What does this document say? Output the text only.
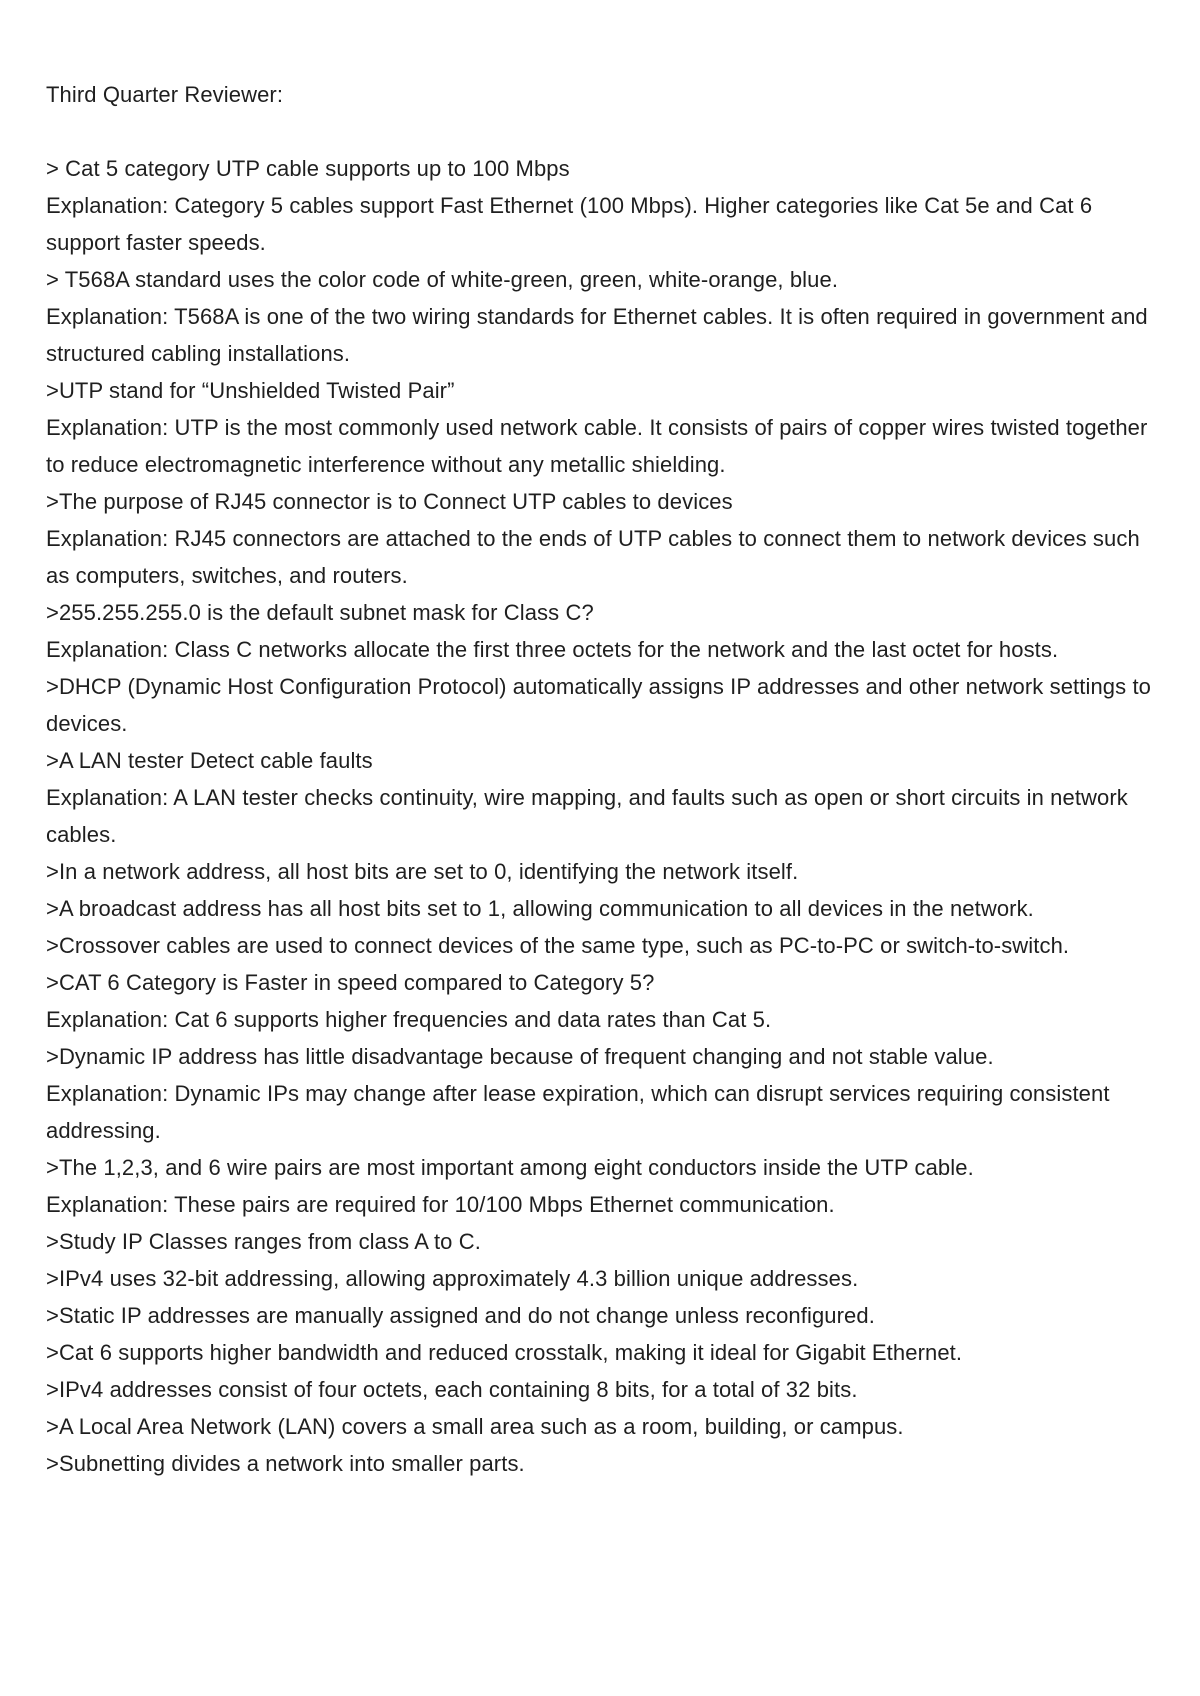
Third Quarter Reviewer:

> Cat 5 category UTP cable supports up to 100 Mbps

Explanation: Category 5 cables support Fast Ethernet (100 Mbps). Higher categories like Cat 5e and Cat 6 support faster speeds.

> T568A standard uses the color code of white-green, green, white-orange, blue.

Explanation: T568A is one of the two wiring standards for Ethernet cables. It is often required in government and structured cabling installations.

>UTP stand for “Unshielded Twisted Pair”

Explanation: UTP is the most commonly used network cable. It consists of pairs of copper wires twisted together to reduce electromagnetic interference without any metallic shielding.

>The purpose of RJ45 connector is to Connect UTP cables to devices

Explanation: RJ45 connectors are attached to the ends of UTP cables to connect them to network devices such as computers, switches, and routers.

>255.255.255.0 is the default subnet mask for Class C?

Explanation: Class C networks allocate the first three octets for the network and the last octet for hosts.

>DHCP (Dynamic Host Configuration Protocol) automatically assigns IP addresses and other network settings to devices.

>A LAN tester Detect cable faults

Explanation: A LAN tester checks continuity, wire mapping, and faults such as open or short circuits in network cables.

>In a network address, all host bits are set to 0, identifying the network itself.

>A broadcast address has all host bits set to 1, allowing communication to all devices in the network.

>Crossover cables are used to connect devices of the same type, such as PC-to-PC or switch-to-switch.

>CAT 6 Category is Faster in speed compared to Category 5?

Explanation: Cat 6 supports higher frequencies and data rates than Cat 5.

>Dynamic IP address has little disadvantage because of frequent changing and not stable value.

Explanation: Dynamic IPs may change after lease expiration, which can disrupt services requiring consistent addressing.

>The 1,2,3, and 6 wire pairs are most important among eight conductors inside the UTP cable.

Explanation: These pairs are required for 10/100 Mbps Ethernet communication.

>Study IP Classes ranges from class A to C.

>IPv4 uses 32-bit addressing, allowing approximately 4.3 billion unique addresses.

>Static IP addresses are manually assigned and do not change unless reconfigured.

>Cat 6 supports higher bandwidth and reduced crosstalk, making it ideal for Gigabit Ethernet.

>IPv4 addresses consist of four octets, each containing 8 bits, for a total of 32 bits.

>A Local Area Network (LAN) covers a small area such as a room, building, or campus.

>Subnetting divides a network into smaller parts.
